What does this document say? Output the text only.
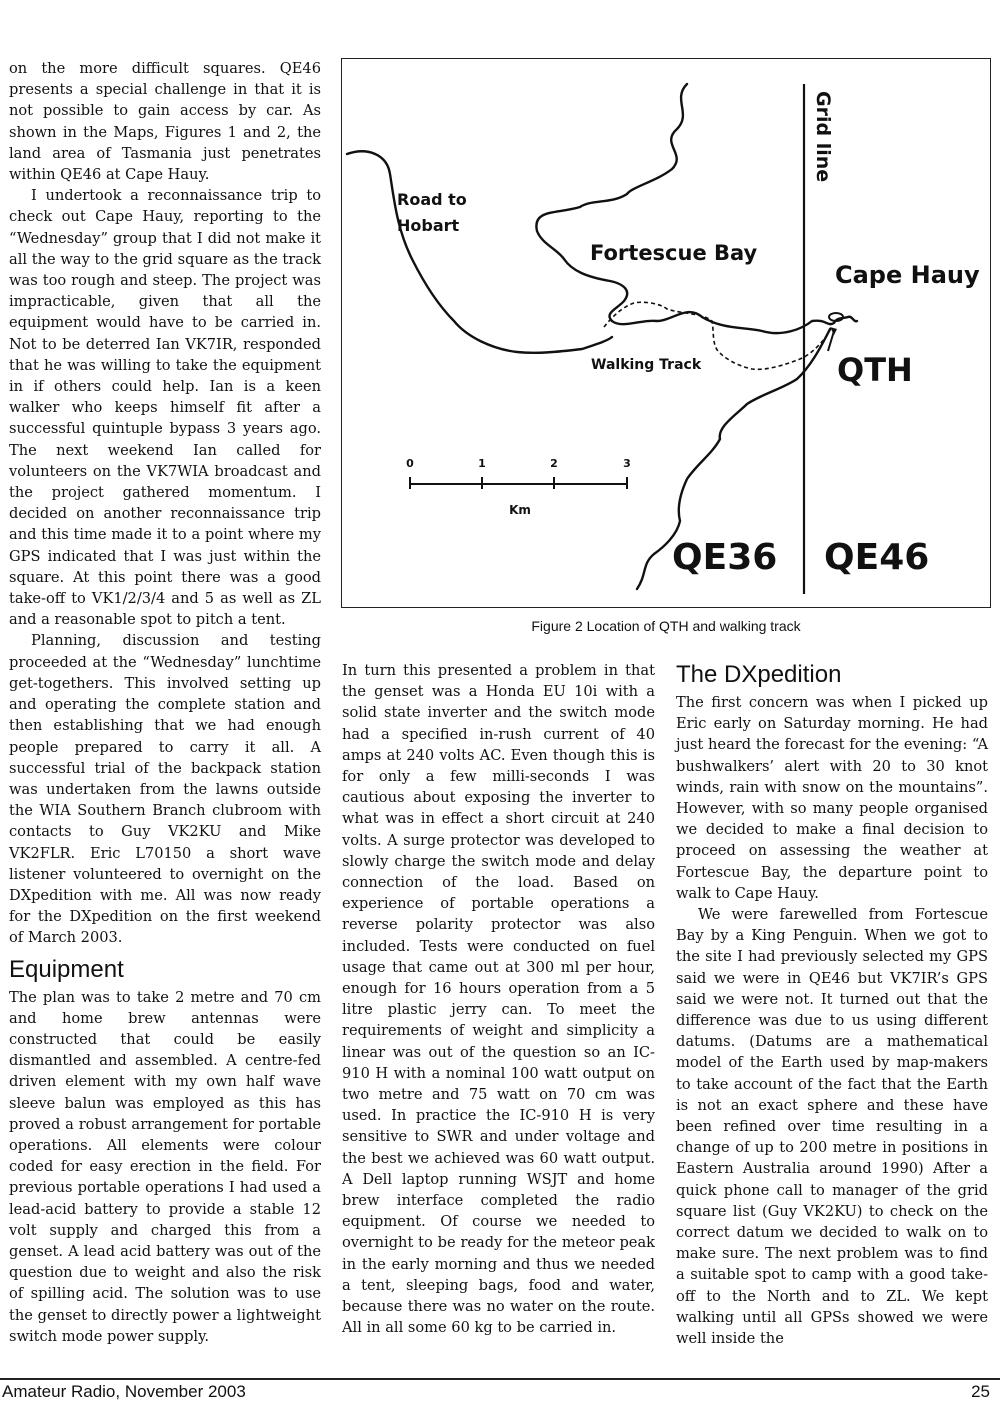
on the more difficult squares. QE46 presents a special challenge in that it is not possible to gain access by car. As shown in the Maps, Figures 1 and 2, the land area of Tasmania just penetrates within QE46 at Cape Hauy.

I undertook a reconnaissance trip to check out Cape Hauy, reporting to the “Wednesday” group that I did not make it all the way to the grid square as the track was too rough and steep. The project was impracticable, given that all the equipment would have to be carried in. Not to be deterred Ian VK7IR, responded that he was willing to take the equipment in if others could help. Ian is a keen walker who keeps himself fit after a successful quintuple bypass 3 years ago. The next weekend Ian called for volunteers on the VK7WIA broadcast and the project gathered momentum. I decided on another reconnaissance trip and this time made it to a point where my GPS indicated that I was just within the square. At this point there was a good take-off to VK1/2/3/4 and 5 as well as ZL and a reasonable spot to pitch a tent.

Planning, discussion and testing proceeded at the “Wednesday” lunchtime get-togethers. This involved setting up and operating the complete station and then establishing that we had enough people prepared to carry it all. A successful trial of the backpack station was undertaken from the lawns outside the WIA Southern Branch clubroom with contacts to Guy VK2KU and Mike VK2FLR. Eric L70150 a short wave listener volunteered to overnight on the DXpedition with me. All was now ready for the DXpedition on the first weekend of March 2003.

Equipment

The plan was to take 2 metre and 70 cm and home brew antennas were constructed that could be easily dismantled and assembled. A centre-fed driven element with my own half wave sleeve balun was employed as this has proved a robust arrangement for portable operations. All elements were colour coded for easy erection in the field. For previous portable operations I had used a lead-acid battery to provide a stable 12 volt supply and charged this from a genset. A lead acid battery was out of the question due to weight and also the risk of spilling acid. The solution was to use the genset to directly power a lightweight switch mode power supply.

0	1	2	3
Km
Road to
Hobart
Fortescue Bay
Cape Hauy
QTH
Walking Track
Grid line
QE36 QE46
Figure 2 Location of QTH and walking track

In turn this presented a problem in that the genset was a Honda EU 10i with a solid state inverter and the switch mode had a specified in-rush current of 40 amps at 240 volts AC. Even though this is for only a few milli-seconds I was cautious about exposing the inverter to what was in effect a short circuit at 240 volts. A surge protector was developed to slowly charge the switch mode and delay connection of the load. Based on experience of portable operations a reverse polarity protector was also included. Tests were conducted on fuel usage that came out at 300 ml per hour, enough for 16 hours operation from a 5 litre plastic jerry can. To meet the requirements of weight and simplicity a linear was out of the question so an IC-910 H with a nominal 100 watt output on two metre and 75 watt on 70 cm was used. In practice the IC-910 H is very sensitive to SWR and under voltage and the best we achieved was 60 watt output. A Dell laptop running WSJT and home brew interface completed the radio equipment. Of course we needed to overnight to be ready for the meteor peak in the early morning and thus we needed a tent, sleeping bags, food and water, because there was no water on the route. All in all some 60 kg to be carried in.

The DXpedition

The first concern was when I picked up Eric early on Saturday morning. He had just heard the forecast for the evening: “A bushwalkers’ alert with 20 to 30 knot winds, rain with snow on the mountains”. However, with so many people organised we decided to make a final decision to proceed on assessing the weather at Fortescue Bay, the departure point to walk to Cape Hauy.

We were farewelled from Fortescue Bay by a King Penguin. When we got to the site I had previously selected my GPS said we were in QE46 but VK7IR’s GPS said we were not. It turned out that the difference was due to us using different datums. (Datums are a mathematical model of the Earth used by map-makers to take account of the fact that the Earth is not an exact sphere and these have been refined over time resulting in a change of up to 200 metre in positions in Eastern Australia around 1990) After a quick phone call to manager of the grid square list (Guy VK2KU) to check on the correct datum we decided to walk on to make sure. The next problem was to find a suitable spot to camp with a good take-off to the North and to ZL. We kept walking until all GPSs showed we were well inside the

Amateur Radio, November 2003	25
